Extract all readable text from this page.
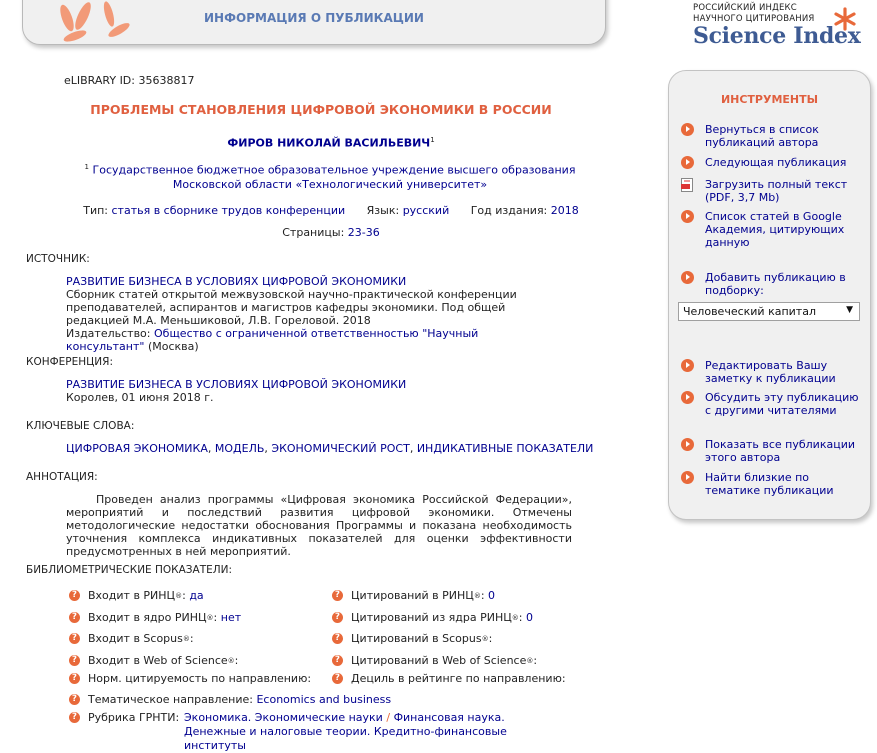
ИНФОРМАЦИЯ О ПУБЛИКАЦИИ
РОССИЙСКИЙ ИНДЕКС
НАУЧНОГО ЦИТИРОВАНИЯ
Science Index
eLIBRARY ID: 35638817
ПРОБЛЕМЫ СТАНОВЛЕНИЯ ЦИФРОВОЙ ЭКОНОМИКИ В РОССИИ
ФИРОВ НИКОЛАЙ ВАСИЛЬЕВИЧ$^1$
$^1$ Государственное бюджетное образовательное учреждение высшего образования Московской области «Технологический университет»
Тип: статья в сборнике трудов конференции Язык: русский Год издания: 2018
Страницы: 23-36
ИСТОЧНИК:
РАЗВИТИЕ БИЗНЕСА В УСЛОВИЯХ ЦИФРОВОЙ ЭКОНОМИКИ
Сборник статей открытой межвузовской научно-практической конференции преподавателей, аспирантов и магистров кафедры экономики. Под общей редакцией М.А. Меньшиковой, Л.В. Гореловой. 2018
Издательство: Общество с ограниченной ответственностью "Научный консультант" (Москва)
КОНФЕРЕНЦИЯ:
РАЗВИТИЕ БИЗНЕСА В УСЛОВИЯХ ЦИФРОВОЙ ЭКОНОМИКИ
Королев, 01 июня 2018 г.
КЛЮЧЕВЫЕ СЛОВА:
ЦИФРОВАЯ ЭКОНОМИКА, МОДЕЛЬ, ЭКОНОМИЧЕСКИЙ РОСТ, ИНДИКАТИВНЫЕ ПОКАЗАТЕЛИ
АННОТАЦИЯ:
Проведен анализ программы «Цифровая экономика Российской Федерации», мероприятий и последствий развития цифровой экономики. Отмечены методологические недостатки обоснования Программы и показана необходимость уточнения комплекса индикативных показателей для оценки эффективности предусмотренных в ней мероприятий.
БИБЛИОМЕТРИЧЕСКИЕ ПОКАЗАТЕЛИ:
? Входит в РИНЦ ® :
да
? Входит в ядро РИНЦ ® :
нет
? Входит в Scopus ® :
? Входит в Web of Science ® :
? Норм. цитируемость по направлению:
? Цитирований в РИНЦ ® :
0
? Цитирований из ядра РИНЦ ® :
0
? Цитирований в Scopus ® :
? Цитирований в Web of Science ® :
? Дециль в рейтинге по направлению:
? Тематическое направление:
Economics and business
? Рубрика ГРНТИ: Экономика. Экономические науки / Финансовая наука. Денежные и налоговые теории. Кредитно-финансовые институты
ИНСТРУМЕНТЫ
Вернуться в список публикаций автора
Следующая публикация
Загрузить полный текст (PDF, 3,7 Mb)
Список статей в Google Академия, цитирующих данную
Добавить публикацию в подборку:
Человеческий капитал	▼
Редактировать Вашу заметку к публикации
Обсудить эту публикацию с другими читателями
Показать все публикации этого автора
Найти близкие по тематике публикации
